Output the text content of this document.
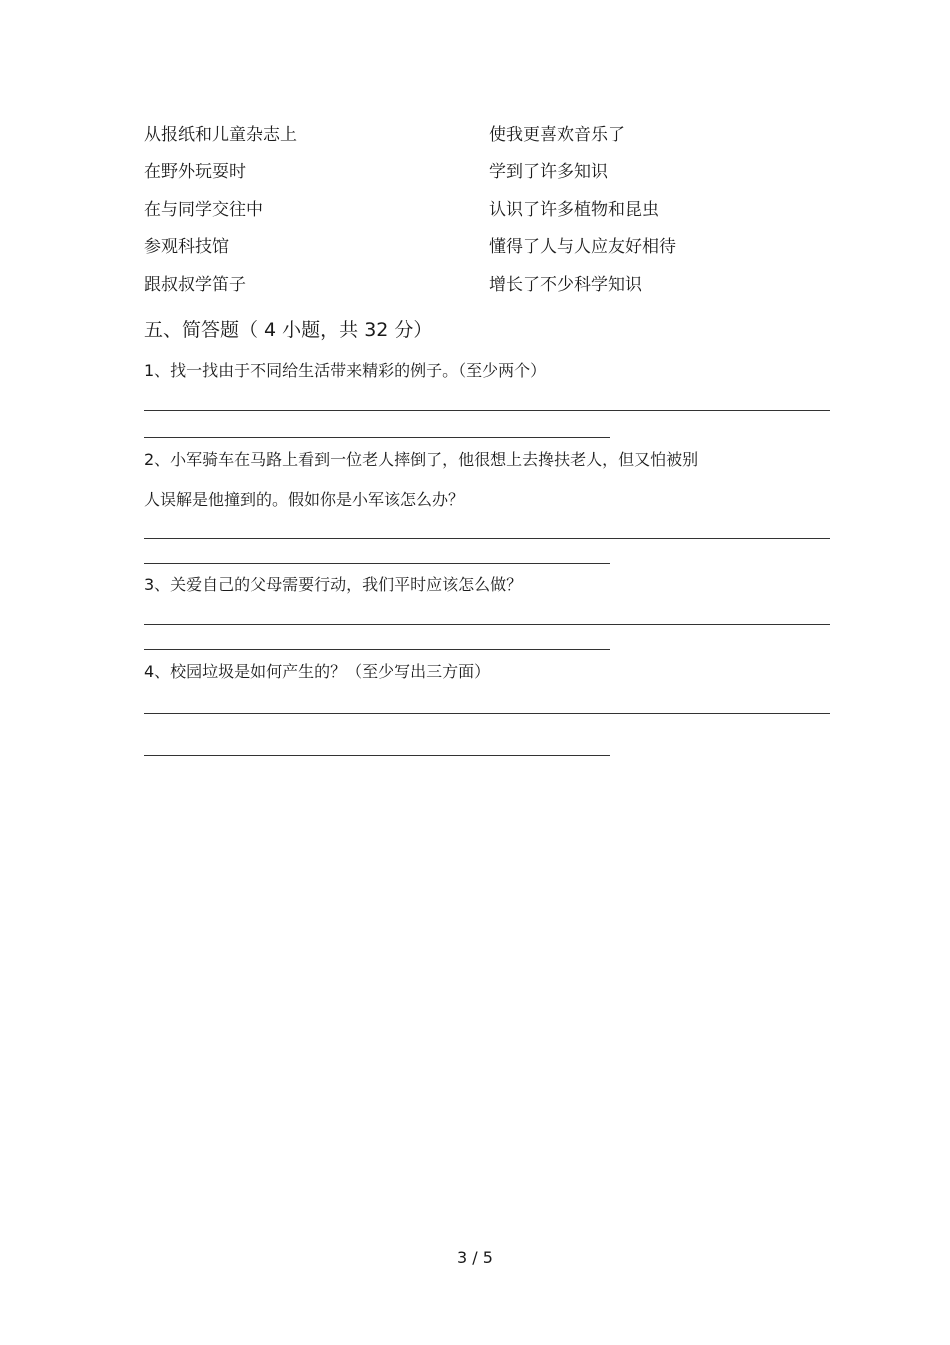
从报纸和儿童杂志上	使我更喜欢音乐了
在野外玩耍时	学到了许多知识
在与同学交往中	认识了许多植物和昆虫
参观科技馆	懂得了人与人应友好相待
跟叔叔学笛子	增长了不少科学知识
五、简答题（ 4 小题，共 32 分）
1、找一找由于不同给生活带来精彩的例子。（至少两个）
2、小军骑车在马路上看到一位老人摔倒了，他很想上去搀扶老人，但又怕被别
人误解是他撞到的。假如你是小军该怎么办？
3、关爱自己的父母需要行动，我们平时应该怎么做？
4、校园垃圾是如何产生的？（至少写出三方面）
3 / 5
